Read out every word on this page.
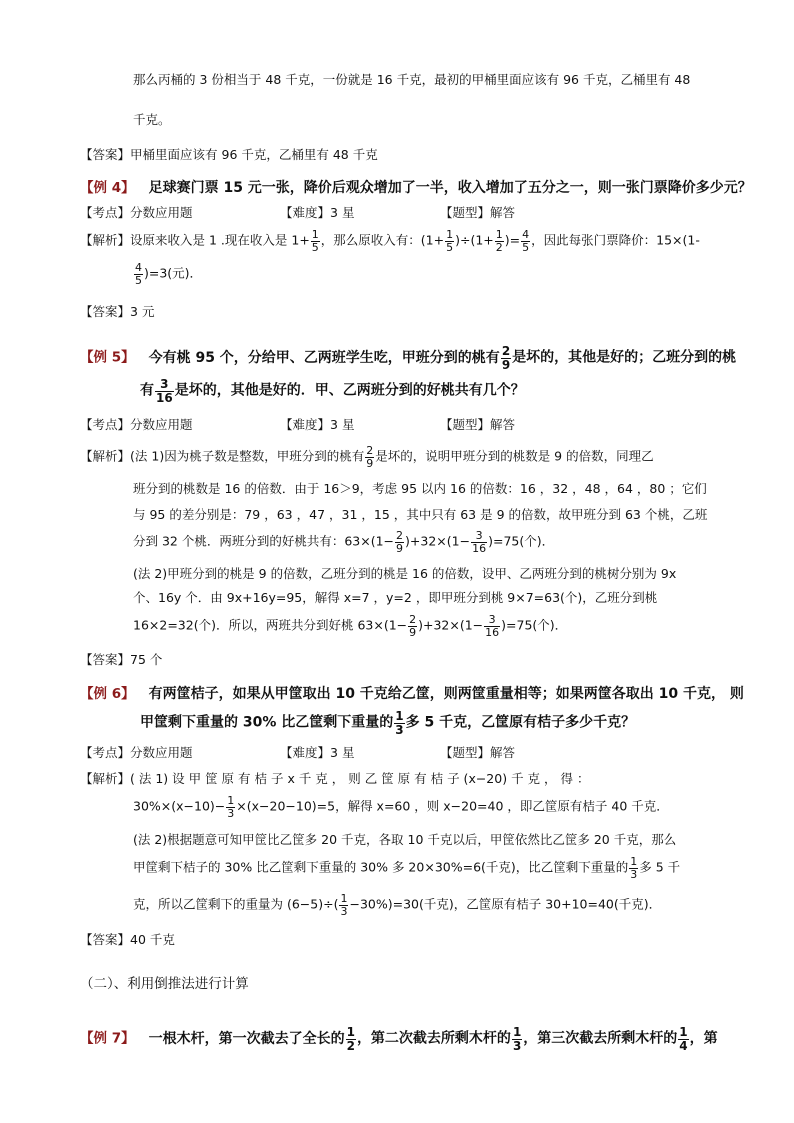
那么丙桶的 3 份相当于 48 千克，一份就是 16 千克，最初的甲桶里面应该有 96 千克，乙桶里有 48
千克。
【答案】甲桶里面应该有 96 千克，乙桶里有 48 千克
【例 4】 足球赛门票 15 元一张，降价后观众增加了一半，收入增加了五分之一，则一张门票降价多少元？
【考点】分数应用题	【难度】3 星	【题型】解答
【解析】设原来收入是 1 .现在收入是 $1+ \frac{1}{5}$ ，那么原收入有：$(1+ \frac{1}{5} )\div(1+ \frac{1}{2}$ )= $\frac{4}{5}$ ，因此每张门票降价：15×(1-
$\frac{4}{5} )=3$(元)．
【答案】3 元
【例 5】 今有桃 95 个，分给甲、乙两班学生吃，甲班分到的桃有 $\frac{2}{9}$ 是坏的，其他是好的；乙班分到的桃
有 $\frac{3}{16}$ 是坏的，其他是好的．甲、乙两班分到的好桃共有几个？
【考点】分数应用题	【难度】3 星	【题型】解答
【解析】(法 1)因为桃子数是整数，甲班分到的桃有 $\frac{2}{9}$ 是坏的，说明甲班分到的桃数是 9 的倍数，同理乙
班分到的桃数是 16 的倍数．由于 16＞9，考虑 95 以内 16 的倍数：16 ，32 ，48 ，64 ，80 ；它们
与 95 的差分别是：79 ，63 ，47 ，31 ，15 ，其中只有 63 是 9 的倍数，故甲班分到 63 个桃，乙班
分到 32 个桃．两班分到的好桃共有：$63\times(1- \frac{2}{9} )+32\times(1- \frac{3}{16} )=75$(个)．
(法 2)甲班分到的桃是 9 的倍数，乙班分到的桃是 16 的倍数，设甲、乙两班分到的桃树分别为 9x
个、16y 个．由 9x+16y=95，解得 x=7 ，y=2 ，即甲班分到桃 9×7=63(个)，乙班分到桃
16×2=32(个)．所以，两班共分到好桃 $63\times(1- \frac{2}{9} )+32\times(1- \frac{3}{16} )=75$(个)．
【答案】75 个
【例 6】 有两筐桔子，如果从甲筐取出 10 千克给乙筐，则两筐重量相等；如果两筐各取出 10 千克， 则
甲筐剩下重量的 30% 比乙筐剩下重量的 $\frac{1}{3}$ 多 5 千克，乙筐原有桔子多少千克？
【考点】分数应用题	【难度】3 星	【题型】解答
【解析】( 法 1) 设 甲 筐 原 有 桔 子 x 千 克 ， 则 乙 筐 原 有 桔 子 (x−20) 千 克 ， 得 ：
$30\%\times(x-10)- \frac{1}{3} \times(x-20-10)=5$，解得 x=60 ，则 x−20=40 ，即乙筐原有桔子 40 千克．
(法 2)根据题意可知甲筐比乙筐多 20 千克，各取 10 千克以后，甲筐依然比乙筐多 20 千克，那么
甲筐剩下桔子的 30% 比乙筐剩下重量的 30% 多 20×30%=6(千克)，比乙筐剩下重量的 $\frac{1}{3}$ 多 5 千
克，所以乙筐剩下的重量为 $(6-5)\div( \frac{1}{3} -30\%)=30$(千克)，乙筐原有桔子 30+10=40(千克)．
【答案】40 千克
（二）、利用倒推法进行计算
【例 7】 一根木杆，第一次截去了全长的 $\frac{1}{2}$ ，第二次截去所剩木杆的 $\frac{1}{3}$ ，第三次截去所剩木杆的 $\frac{1}{4}$ ，第
